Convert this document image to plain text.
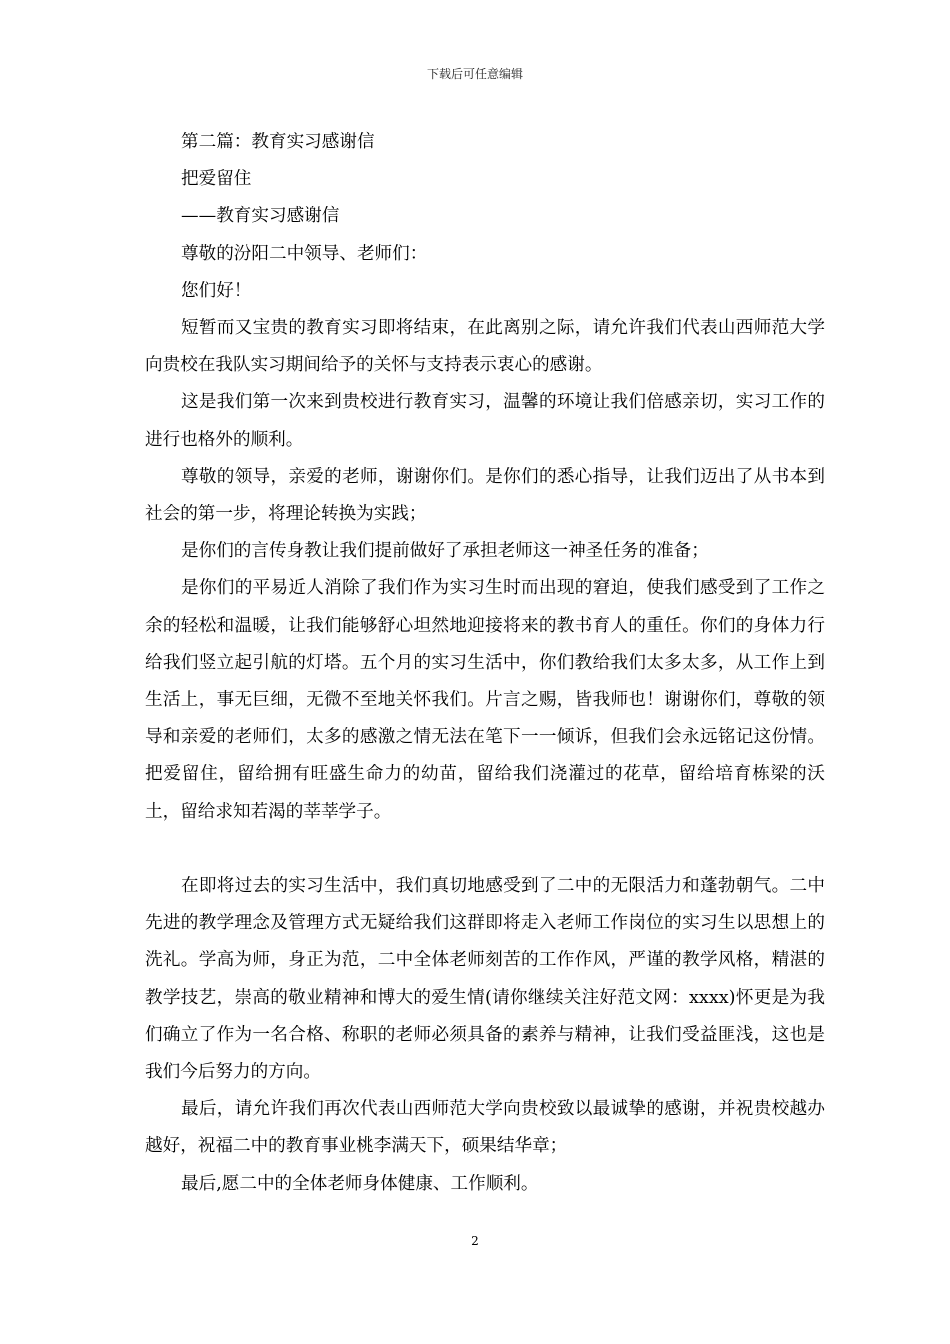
下载后可任意编辑

第二篇：教育实习感谢信

把爱留住

——教育实习感谢信

尊敬的汾阳二中领导、老师们：

您们好！

短暂而又宝贵的教育实习即将结束，在此离别之际，请允许我们代表山西师范大学向贵校在我队实习期间给予的关怀与支持表示衷心的感谢。

这是我们第一次来到贵校进行教育实习，温馨的环境让我们倍感亲切，实习工作的进行也格外的顺利。

尊敬的领导，亲爱的老师，谢谢你们。是你们的悉心指导，让我们迈出了从书本到社会的第一步，将理论转换为实践；

是你们的言传身教让我们提前做好了承担老师这一神圣任务的准备；

是你们的平易近人消除了我们作为实习生时而出现的窘迫，使我们感受到了工作之余的轻松和温暖，让我们能够舒心坦然地迎接将来的教书育人的重任。你们的身体力行给我们竖立起引航的灯塔。五个月的实习生活中，你们教给我们太多太多，从工作上到生活上，事无巨细，无微不至地关怀我们。片言之赐，皆我师也！谢谢你们，尊敬的领导和亲爱的老师们，太多的感激之情无法在笔下一一倾诉，但我们会永远铭记这份情。把爱留住，留给拥有旺盛生命力的幼苗，留给我们浇灌过的花草，留给培育栋梁的沃土，留给求知若渴的莘莘学子。

在即将过去的实习生活中，我们真切地感受到了二中的无限活力和蓬勃朝气。二中先进的教学理念及管理方式无疑给我们这群即将走入老师工作岗位的实习生以思想上的洗礼。学高为师，身正为范，二中全体老师刻苦的工作作风，严谨的教学风格，精湛的教学技艺，崇高的敬业精神和博大的爱生情(请你继续关注好范文网：xxxx)怀更是为我们确立了作为一名合格、称职的老师必须具备的素养与精神，让我们受益匪浅，这也是我们今后努力的方向。

最后，请允许我们再次代表山西师范大学向贵校致以最诚挚的感谢，并祝贵校越办越好，祝福二中的教育事业桃李满天下，硕果结华章；

最后,愿二中的全体老师身体健康、工作顺利。

2
